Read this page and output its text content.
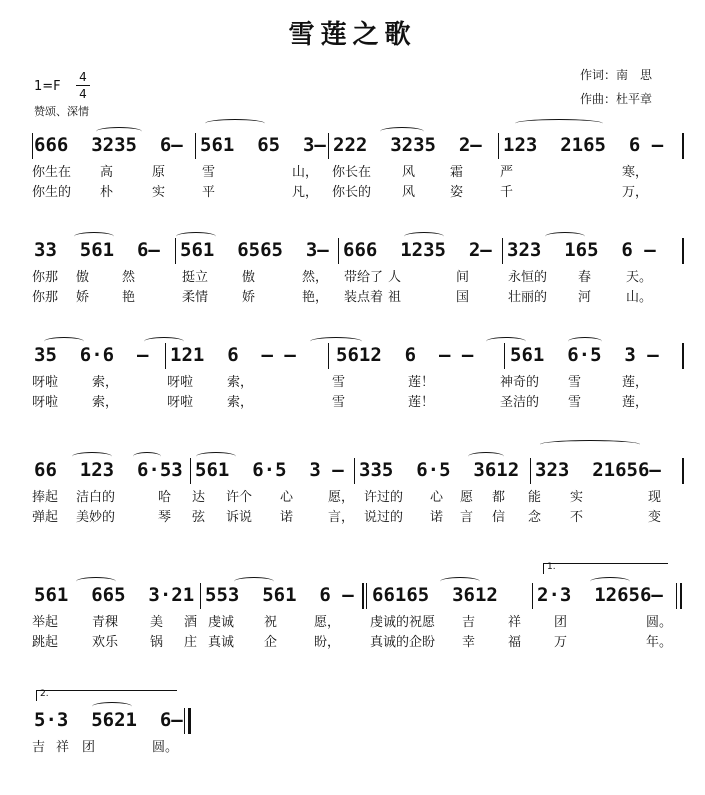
雪莲之歌
1=F
4
4
赞颂、深情
作词：南　思
作曲：杜平章
666  3235  6– 561  65  3– 222  3235  2– 123  2165  6 –

你生在 高	原	雪	山， 你长在 风	霜	严	寒，

你生的 朴	实	平	凡， 你长的 风	姿	千	万，

33  561  6– 561  6565  3– 666  1235  2– 323  165  6 –

你那 傲	然	挺立	傲	然， 带给了 人	间	永恒的 春	天。

你那 娇	艳	柔情	娇	艳， 装点着 祖	国	壮丽的 河	山。

35  6·6  – 121  6  – – 5612  6  – – 561  6·5  3 –

呀啦	索，	呀啦	索，	雪	莲！	神奇的 雪	莲，

呀啦	索，	呀啦	索，	雪	莲！	圣洁的 雪	莲，

66  123  6·53 561  6·5  3 – 335  6·5  3612 323  21656–

捧起 洁白的	哈 达 许个 心	愿， 许过的 心 愿 都 能 实	现

弹起 美妙的	琴 弦 诉说 诺	言， 说过的 诺 言 信 念 不	变

1.
561  665  3·21 553  561  6 – 66165  3612 2·3  12656–

举起	青稞 美 酒 虔诚 祝	愿， 虔诚的祝愿 吉	祥	团	圆。

跳起	欢乐 锅 庄 真诚 企	盼， 真诚的企盼 幸	福	万	年。

2.
5·3  5621  6–

吉 祥 团	圆。
